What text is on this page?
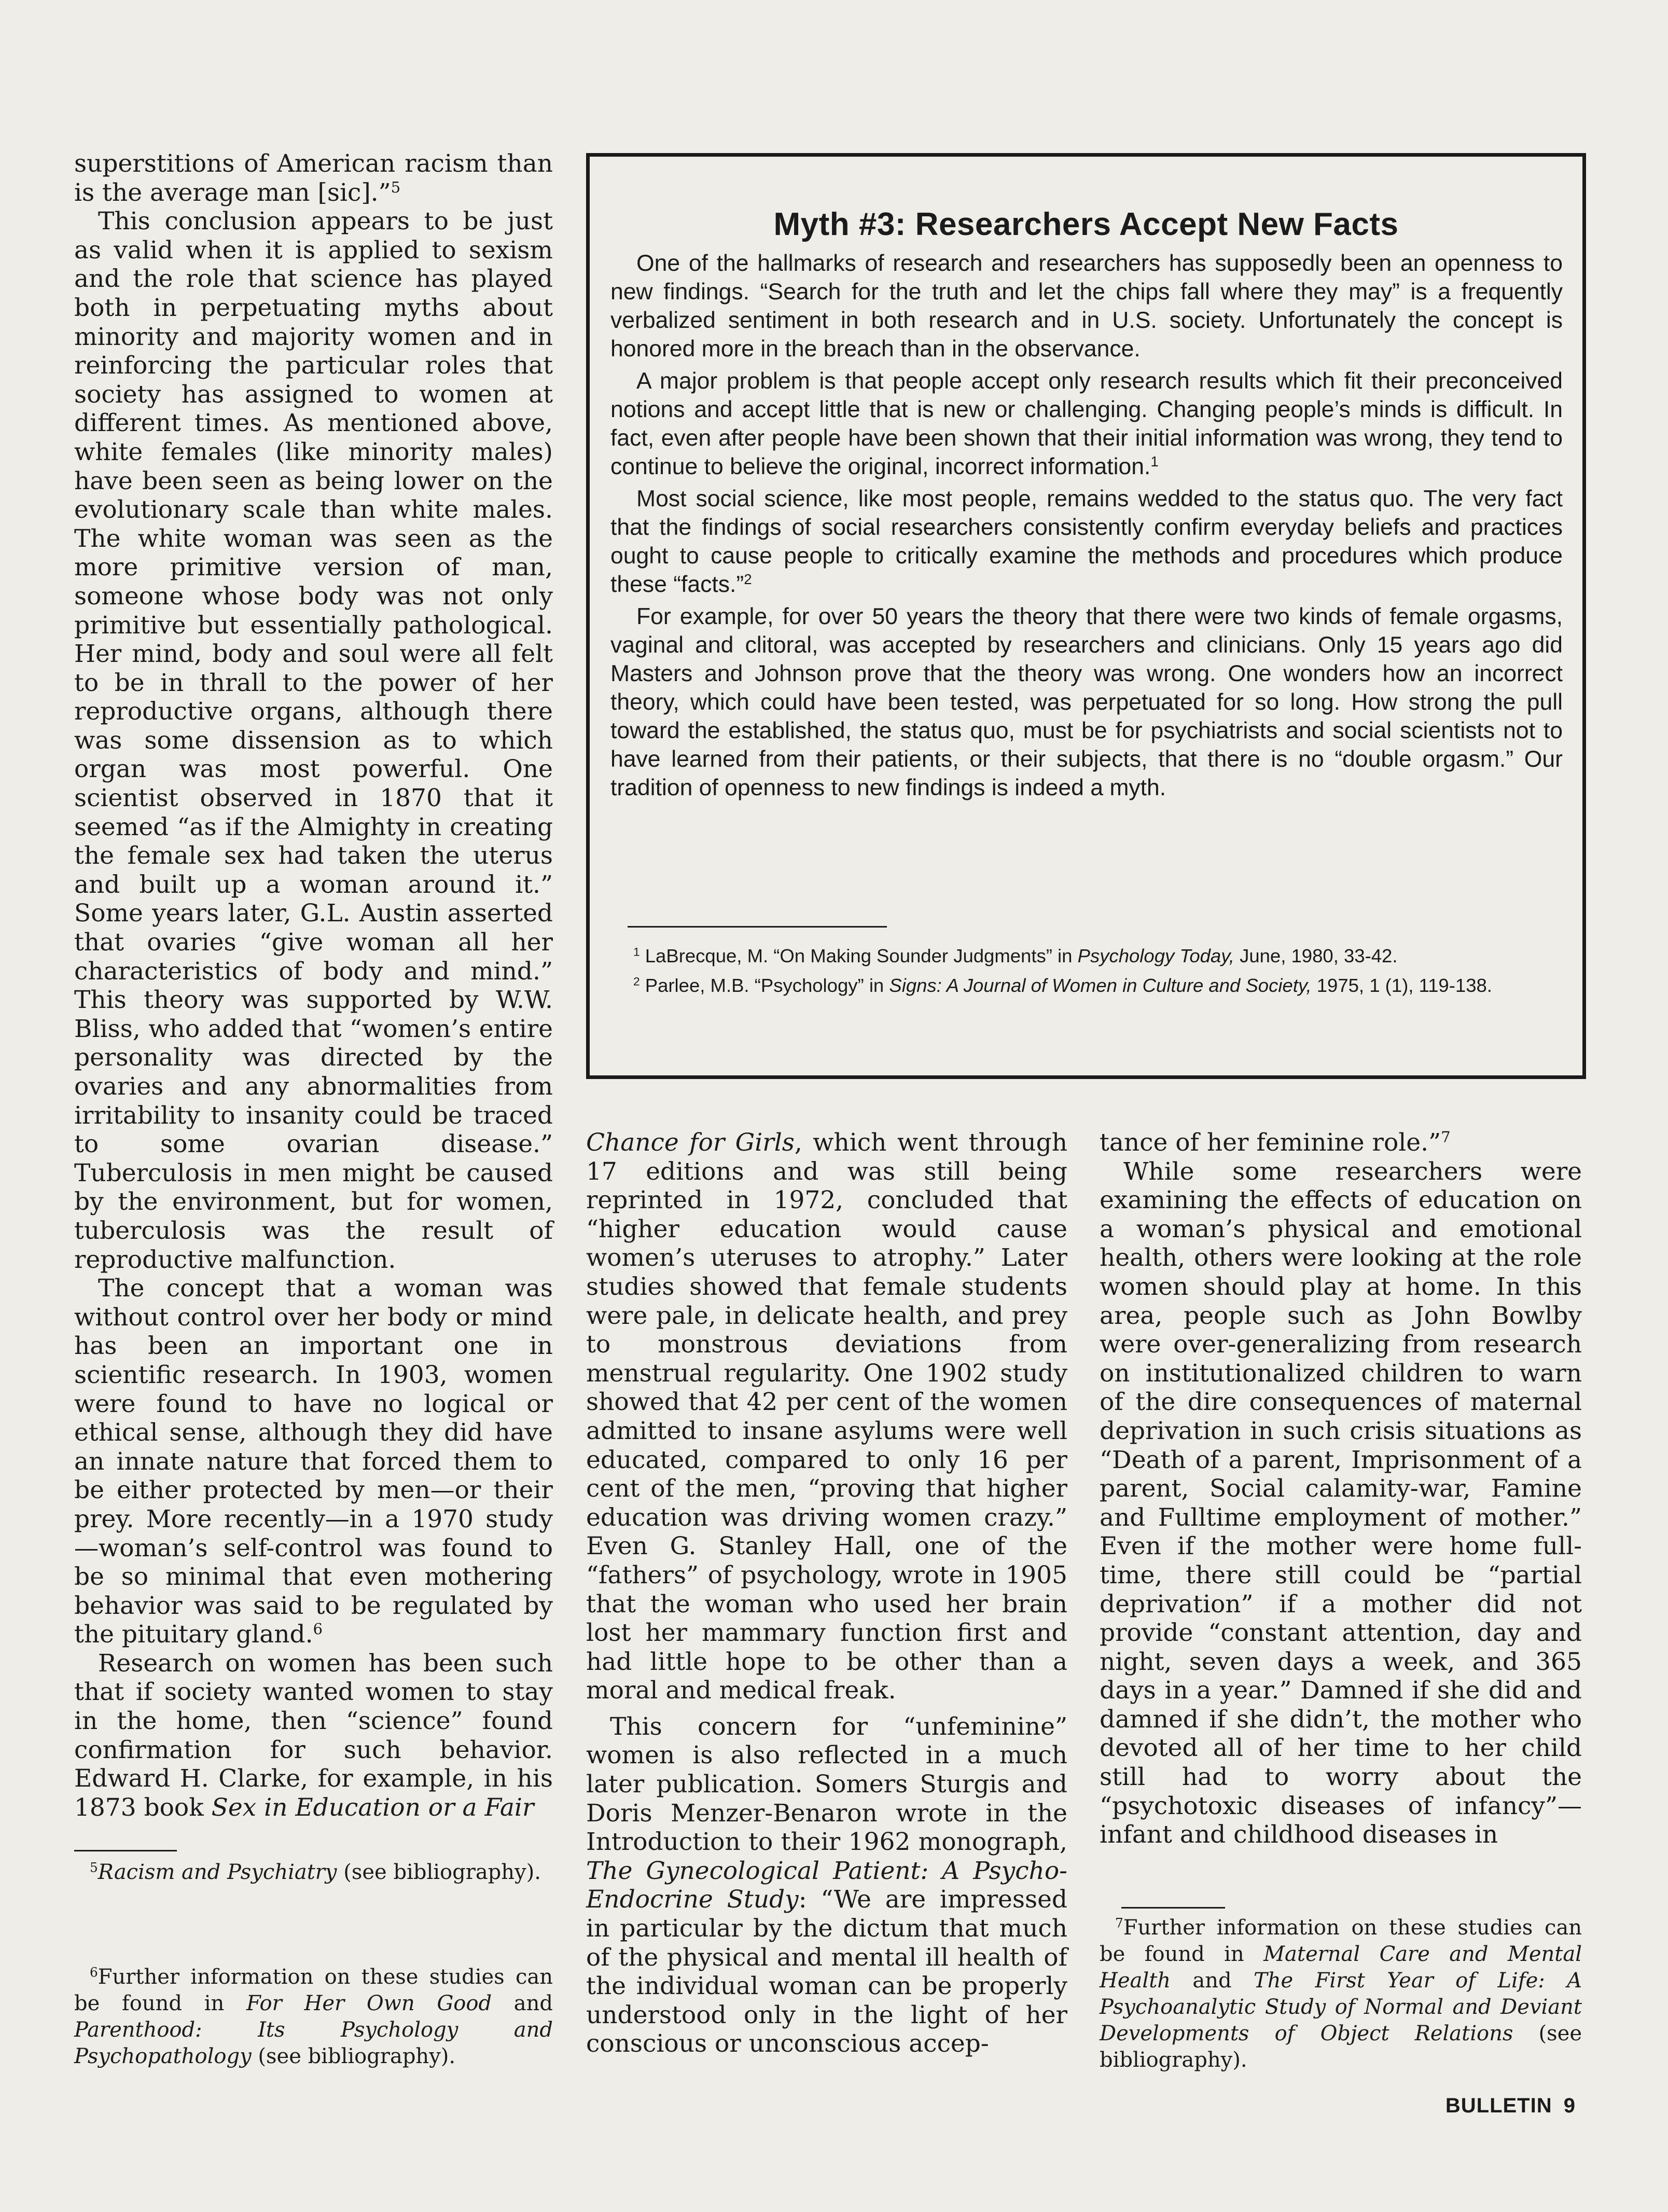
superstitions of American racism than is the average man [sic].”$^5$

This conclusion appears to be just as valid when it is applied to sexism and the role that science has played both in perpetuating myths about minority and majority women and in reinforcing the particular roles that society has assigned to women at different times. As mentioned above, white females (like minority males) have been seen as being lower on the evolutionary scale than white males. The white woman was seen as the more primitive version of man, someone whose body was not only primitive but essentially pathological. Her mind, body and soul were all felt to be in thrall to the power of her reproductive organs, although there was some dissension as to which organ was most powerful. One scientist observed in 1870 that it seemed “as if the Almighty in creating the female sex had taken the uterus and built up a woman around it.” Some years later, G.L. Austin asserted that ovaries “give woman all her characteristics of body and mind.” This theory was supported by W.W. Bliss, who added that “women’s entire personality was directed by the ovaries and any abnormalities from irritability to insanity could be traced to some ovarian disease.” Tuberculosis in men might be caused by the environment, but for women, tuberculosis was the result of reproductive malfunction.

The concept that a woman was without control over her body or mind has been an important one in scientific research. In 1903, women were found to have no logical or ethical sense, although they did have an innate nature that forced them to be either protected by men—or their prey. More recently—in a 1970 study—woman’s self-control was found to be so minimal that even mothering behavior was said to be regulated by the pituitary gland.$^6$

Research on women has been such that if society wanted women to stay in the home, then “science” found confirmation for such behavior. Edward H. Clarke, for example, in his 1873 book Sex in Education or a Fair

$^5$Racism and Psychiatry (see bibliography).

$^6$Further information on these studies can be found in For Her Own Good and Parenthood: Its Psychology and Psychopathology (see bibliography).

Myth #3: Researchers Accept New Facts

One of the hallmarks of research and researchers has supposedly been an openness to new findings. “Search for the truth and let the chips fall where they may” is a frequently verbalized sentiment in both research and in U.S. society. Unfortunately the concept is honored more in the breach than in the observance.

A major problem is that people accept only research results which fit their preconceived notions and accept little that is new or challenging. Changing people’s minds is difficult. In fact, even after people have been shown that their initial information was wrong, they tend to continue to believe the original, incorrect information.$^1$

Most social science, like most people, remains wedded to the status quo. The very fact that the findings of social researchers consistently confirm everyday beliefs and practices ought to cause people to critically examine the methods and procedures which produce these “facts.”$^2$

For example, for over 50 years the theory that there were two kinds of female orgasms, vaginal and clitoral, was accepted by researchers and clinicians. Only 15 years ago did Masters and Johnson prove that the theory was wrong. One wonders how an incorrect theory, which could have been tested, was perpetuated for so long. How strong the pull toward the established, the status quo, must be for psychiatrists and social scientists not to have learned from their patients, or their subjects, that there is no “double orgasm.” Our tradition of openness to new findings is indeed a myth.

$^1$ LaBrecque, M. “On Making Sounder Judgments” in Psychology Today, June, 1980, 33-42.

$^2$ Parlee, M.B. “Psychology” in Signs: A Journal of Women in Culture and Society, 1975, 1 (1), 119-138.

Chance for Girls, which went through 17 editions and was still being reprinted in 1972, concluded that “higher education would cause women’s uteruses to atrophy.” Later studies showed that female students were pale, in delicate health, and prey to monstrous deviations from menstrual regularity. One 1902 study showed that 42 per cent of the women admitted to insane asylums were well educated, compared to only 16 per cent of the men, “proving that higher education was driving women crazy.” Even G. Stanley Hall, one of the “fathers” of psychology, wrote in 1905 that the woman who used her brain lost her mammary function first and had little hope to be other than a moral and medical freak.

This concern for “unfeminine” women is also reflected in a much later publication. Somers Sturgis and Doris Menzer-Benaron wrote in the Introduction to their 1962 monograph, The Gynecological Patient: A Psycho-Endocrine Study: “We are impressed in particular by the dictum that much of the physical and mental ill health of the individual woman can be properly understood only in the light of her conscious or unconscious accep-

tance of her feminine role.”$^7$

While some researchers were examining the effects of education on a woman’s physical and emotional health, others were looking at the role women should play at home. In this area, people such as John Bowlby were over-generalizing from research on institutionalized children to warn of the dire consequences of maternal deprivation in such crisis situations as “Death of a parent, Imprisonment of a parent, Social calamity-war, Famine and Fulltime employment of mother.” Even if the mother were home full-time, there still could be “partial deprivation” if a mother did not provide “constant attention, day and night, seven days a week, and 365 days in a year.” Damned if she did and damned if she didn’t, the mother who devoted all of her time to her child still had to worry about the “psychotoxic diseases of infancy”—infant and childhood diseases in

$^7$Further information on these studies can be found in Maternal Care and Mental Health and The First Year of Life: A Psychoanalytic Study of Normal and Deviant Developments of Object Relations (see bibliography).

BULLETIN 9
